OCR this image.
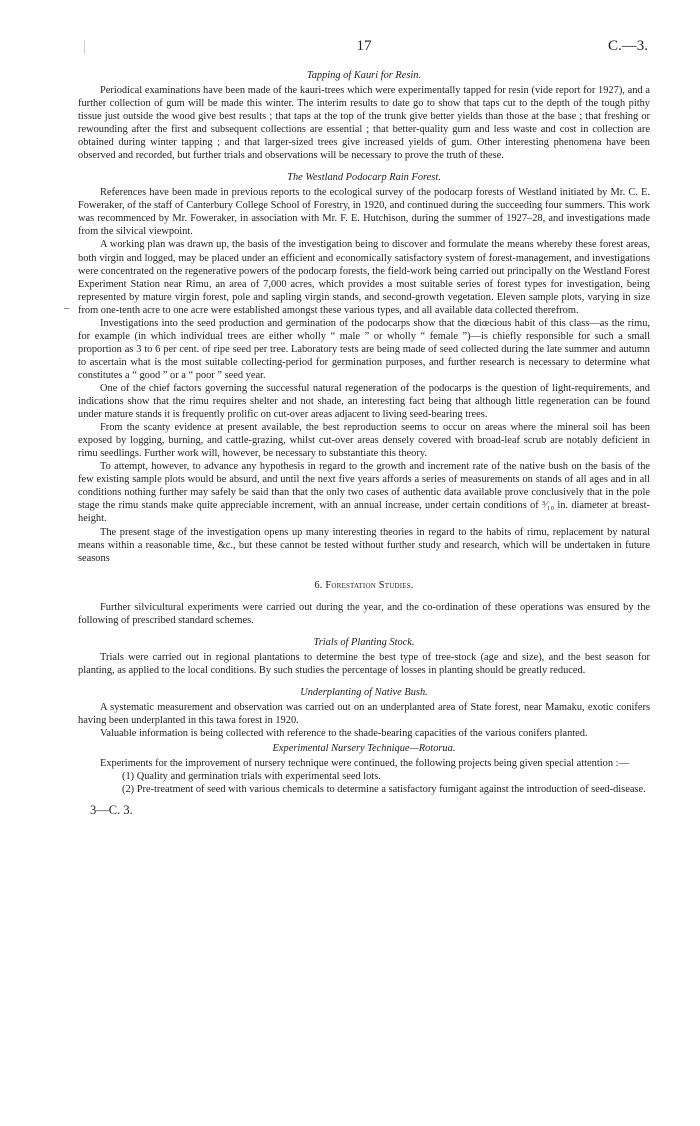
17	C.—3.
Tapping of Kauri for Resin.

Periodical examinations have been made of the kauri-trees which were experimentally tapped for resin (vide report for 1927), and a further collection of gum will be made this winter. The interim results to date go to show that taps cut to the depth of the tough pithy tissue just outside the wood give best results ; that taps at the top of the trunk give better yields than those at the base ; that freshing or rewounding after the first and subsequent collections are essential ; that better-quality gum and less waste and cost in collection are obtained during winter tapping ; and that larger-sized trees give increased yields of gum. Other interesting phenomena have been observed and recorded, but further trials and observations will be necessary to prove the truth of these.

The Westland Podocarp Rain Forest.

References have been made in previous reports to the ecological survey of the podocarp forests of Westland initiated by Mr. C. E. Foweraker, of the staff of Canterbury College School of Forestry, in 1920, and continued during the succeeding four summers. This work was recommenced by Mr. Foweraker, in association with Mr. F. E. Hutchison, during the summer of 1927–28, and investigations made from the silvical viewpoint.

A working plan was drawn up, the basis of the investigation being to discover and formulate the means whereby these forest areas, both virgin and logged, may be placed under an efficient and economically satisfactory system of forest-management, and investigations were concentrated on the regenerative powers of the podocarp forests, the field-work being carried out principally on the Westland Forest Experiment Station near Rimu, an area of 7,000 acres, which provides a most suitable series of forest types for investigation, being represented by mature virgin forest, pole and sapling virgin stands, and second-growth vegetation. Eleven sample plots, varying in size from one-tenth acre to one acre were established amongst these various types, and all available data collected therefrom.

Investigations into the seed production and germination of the podocarps show that the diœcious habit of this class—as the rimu, for example (in which individual trees are either wholly “ male ” or wholly “ female ”)—is chiefly responsible for such a small proportion as 3 to 6 per cent. of ripe seed per tree. Laboratory tests are being made of seed collected during the late summer and autumn to ascertain what is the most suitable collecting-period for germination purposes, and further research is necessary to determine what constitutes a “ good ” or a “ poor ” seed year.

One of the chief factors governing the successful natural regeneration of the podocarps is the question of light-requirements, and indications show that the rimu requires shelter and not shade, an interesting fact being that although little regeneration can be found under mature stands it is frequently prolific on cut-over areas adjacent to living seed-bearing trees.

From the scanty evidence at present available, the best reproduction seems to occur on areas where the mineral soil has been exposed by logging, burning, and cattle-grazing, whilst cut-over areas densely covered with broad-leaf scrub are notably deficient in rimu seedlings. Further work will, however, be necessary to substantiate this theory.

To attempt, however, to advance any hypothesis in regard to the growth and increment rate of the native bush on the basis of the few existing sample plots would be absurd, and until the next five years affords a series of measurements on stands of all ages and in all conditions nothing further may safely be said than that the only two cases of authentic data available prove conclusively that in the pole stage the rimu stands make quite appreciable increment, with an annual increase, under certain conditions of ³⁄₁₀ in. diameter at breast-height.

The present stage of the investigation opens up many interesting theories in regard to the habits of rimu, replacement by natural means within a reasonable time, &c., but these cannot be tested without further study and research, which will be undertaken in future seasons

6. Forestation Studies.

Further silvicultural experiments were carried out during the year, and the co-ordination of these operations was ensured by the following of prescribed standard schemes.

Trials of Planting Stock.

Trials were carried out in regional plantations to determine the best type of tree-stock (age and size), and the best season for planting, as applied to the local conditions. By such studies the percentage of losses in planting should be greatly reduced.

Underplanting of Native Bush.

A systematic measurement and observation was carried out on an underplanted area of State forest, near Mamaku, exotic conifers having been underplanted in this tawa forest in 1920.

Valuable information is being collected with reference to the shade-bearing capacities of the various conifers planted.

Experimental Nursery Technique—Rotorua.

Experiments for the improvement of nursery technique were continued, the following projects being given special attention :—

(1) Quality and germination trials with experimental seed lots.
(2) Pre-treatment of seed with various chemicals to determine a satisfactory fumigant against the introduction of seed-disease.
3—C. 3.
